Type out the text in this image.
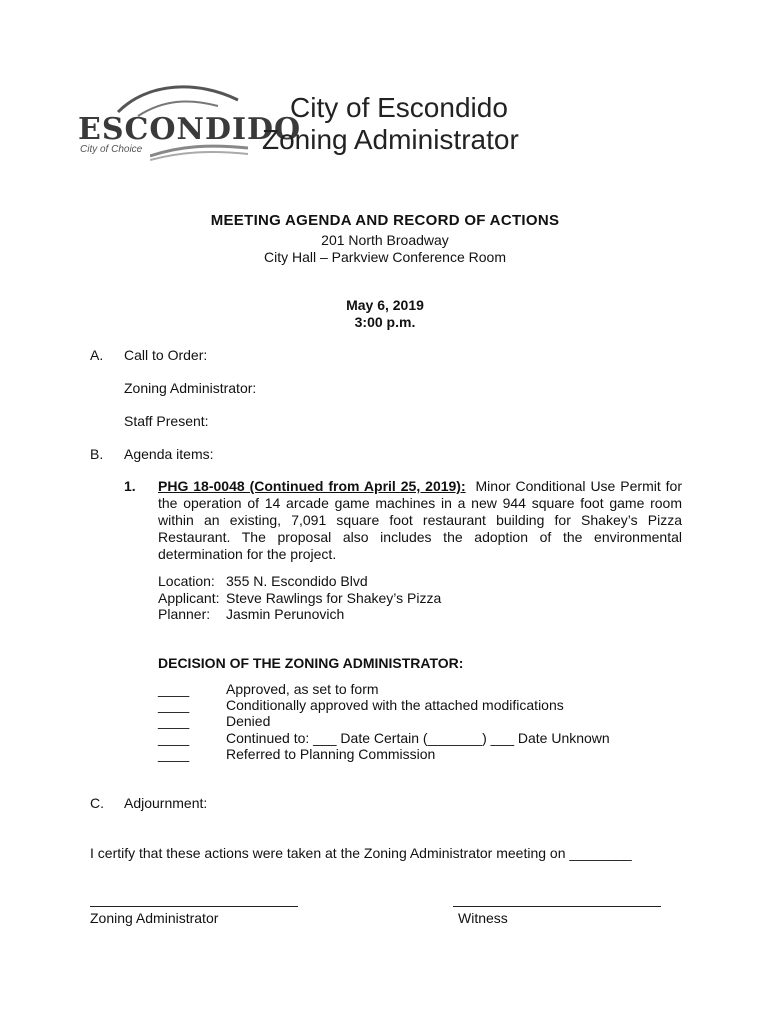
ESCONDIDO
City of Choice
City of Escondido
Zoning Administrator
MEETING AGENDA AND RECORD OF ACTIONS
201 North Broadway
City Hall – Parkview Conference Room
May 6, 2019
3:00 p.m.
A. Call to Order:
Zoning Administrator:
Staff Present:
B. Agenda items:
1. PHG 18-0048 (Continued from April 25, 2019): Minor Conditional Use Permit for the operation of 14 arcade game machines in a new 944 square foot game room within an existing, 7,091 square foot restaurant building for Shakey’s Pizza Restaurant. The proposal also includes the adoption of the environmental determination for the project.
Location: 355 N. Escondido Blvd
Applicant: Steve Rawlings for Shakey’s Pizza
Planner: Jasmin Perunovich
DECISION OF THE ZONING ADMINISTRATOR:
____	Approved, as set to form
____	Conditionally approved with the attached modifications
____	Denied
____	Continued to: ___ Date Certain (_______) ___ Date Unknown
____	Referred to Planning Commission
C. Adjournment:
I certify that these actions were taken at the Zoning Administrator meeting on ________
Zoning Administrator	Witness
